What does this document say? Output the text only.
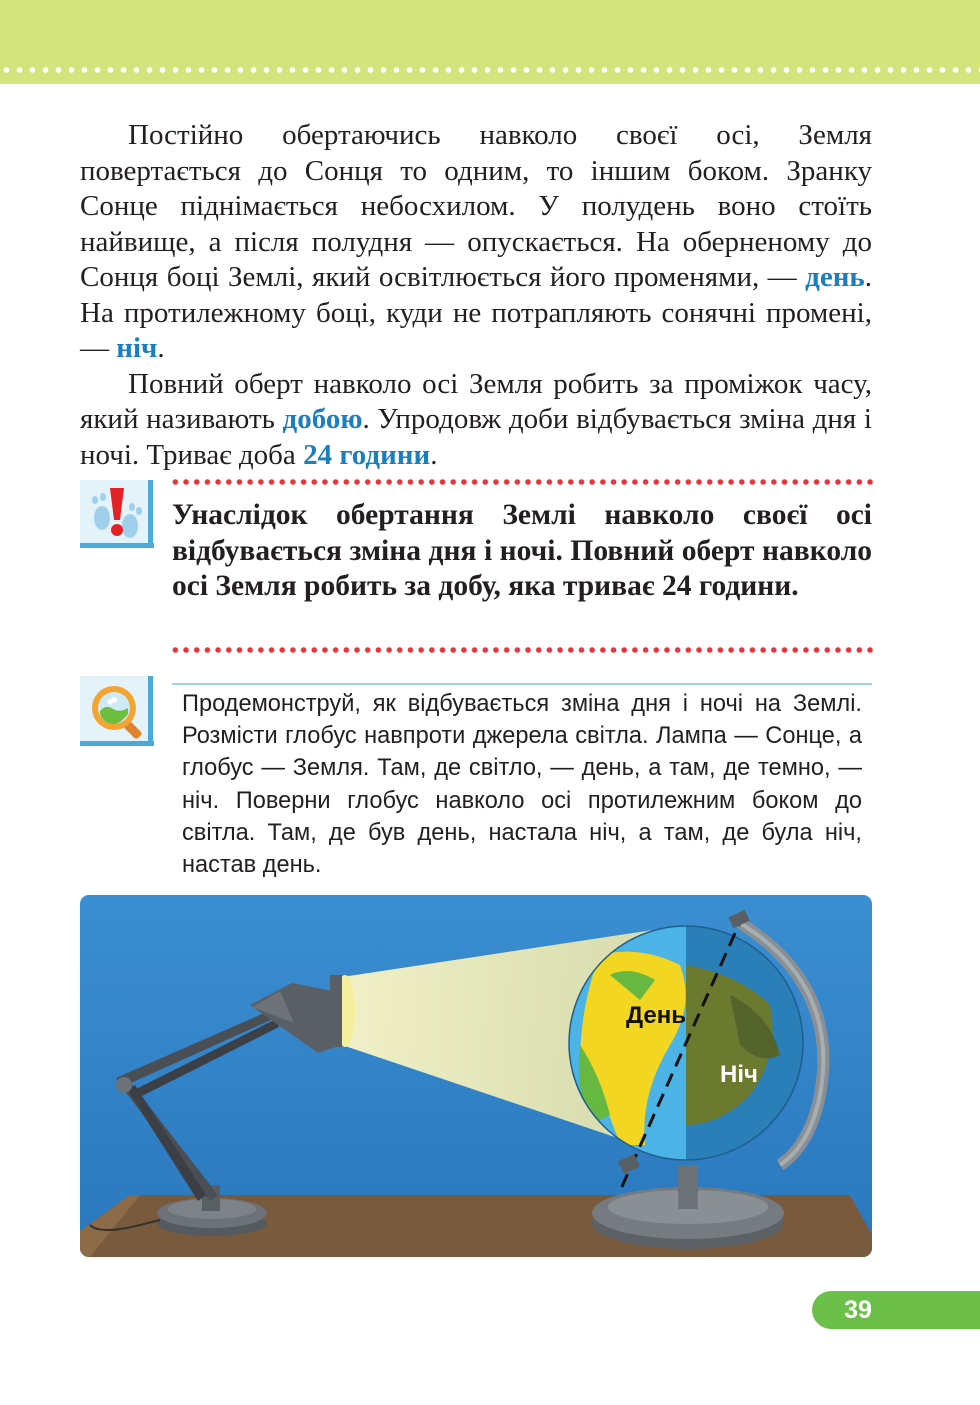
Постійно обертаючись навколо своєї осі, Земля повертається до Сонця то одним, то іншим боком. Зранку Сонце піднімається небосхилом. У полудень воно стоїть найвище, а після полудня — опускається. На оберненому до Сонця боці Землі, який освітлюється його променями, — день. На протилежному боці, куди не потрапляють сонячні промені, — ніч.

Повний оберт навколо осі Земля робить за проміжок часу, який називають добою. Упродовж доби відбувається зміна дня і ночі. Триває доба 24 години.

Унаслідок обертання Землі навколо своєї осі відбувається зміна дня і ночі. Повний оберт навколо осі Земля робить за добу, яка триває 24 години.
Продемонструй, як відбувається зміна дня і ночі на Землі. Розмісти глобус навпроти джерела світла. Лампа — Сонце, а глобус — Земля. Там, де світло, — день, а там, де темно, — ніч. Поверни глобус навколо осі протилежним боком до світла. Там, де був день, настала ніч, а там, де була ніч, настав день.
День
Ніч
39
